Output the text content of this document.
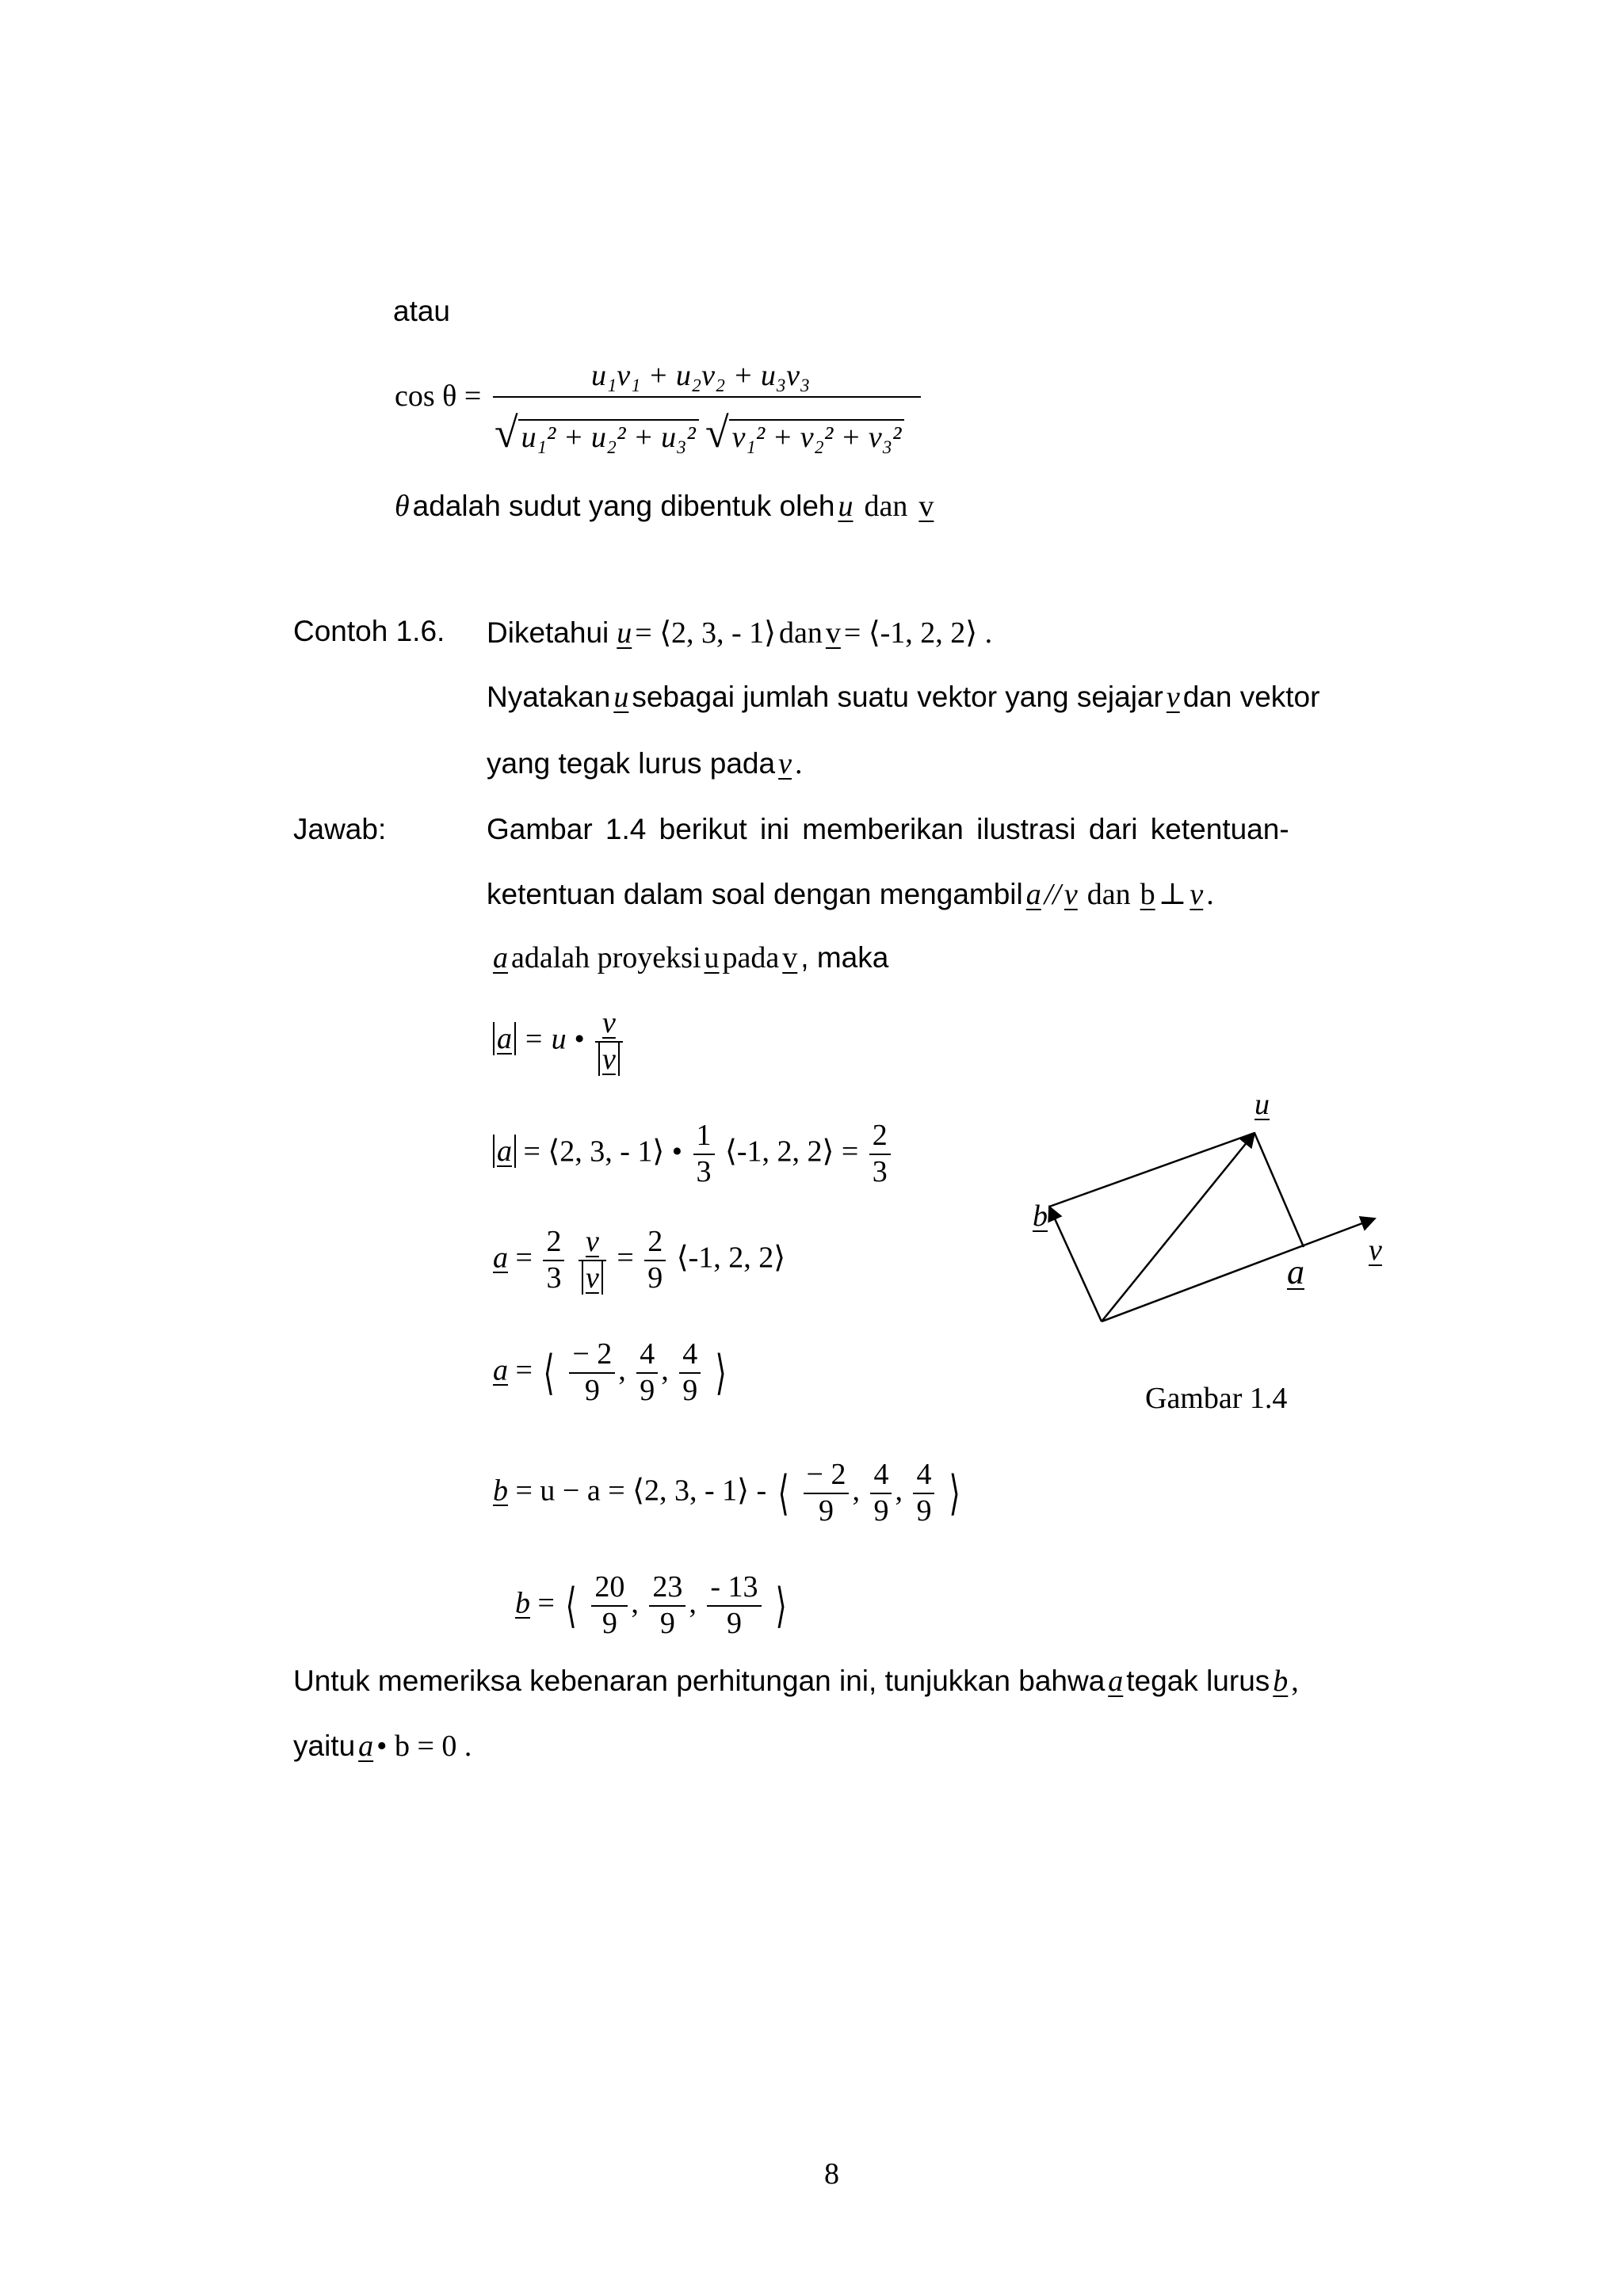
atau
cos θ =
u₁v₁ + u₂v₂ + u₃v₃
√ u₁² + u₂² + u₃² √ v₁² + v₂² + v₃²
θ adalah sudut yang dibentuk oleh u dan v
Contoh 1.6. Diketahui u = ⟨2, 3, - 1⟩ dan v = ⟨-1, 2, 2⟩ .
Nyatakan u sebagai jumlah suatu vektor yang sejajar v dan vektor
yang tegak lurus pada v .
Jawab:	Gambar 1.4 berikut ini memberikan ilustrasi dari ketentuan-
ketentuan dalam soal dengan mengambil a // v dan b ⊥ v .
a adalah proyeksi u pada v , maka
a = u • $\frac{v}{v}$
a = ⟨2, 3, - 1⟩ • $\frac{1}{3}$ ⟨-1, 2, 2⟩ = $\frac{2}{3}$
$a = \frac{2}{3}$
$\frac{v}{v} = \frac{2}{9}$ ⟨-1, 2, 2⟩
a = ⟨ $\frac{- 2}{9}$ , $\frac{4}{9}$ , $\frac{4}{9}$ ⟩
b = u − a = ⟨2, 3, - 1⟩ - ⟨ $\frac{- 2}{9}$ , $\frac{4}{9}$ , $\frac{4}{9}$ ⟩
b = ⟨ $\frac{20}{9}$ , $\frac{23}{9}$ , $\frac{- 13}{9}$ ⟩
u
v
a
b
Gambar 1.4
Untuk memeriksa kebenaran perhitungan ini, tunjukkan bahwa a tegak lurus b ,
yaitu a • b = 0 .
8
